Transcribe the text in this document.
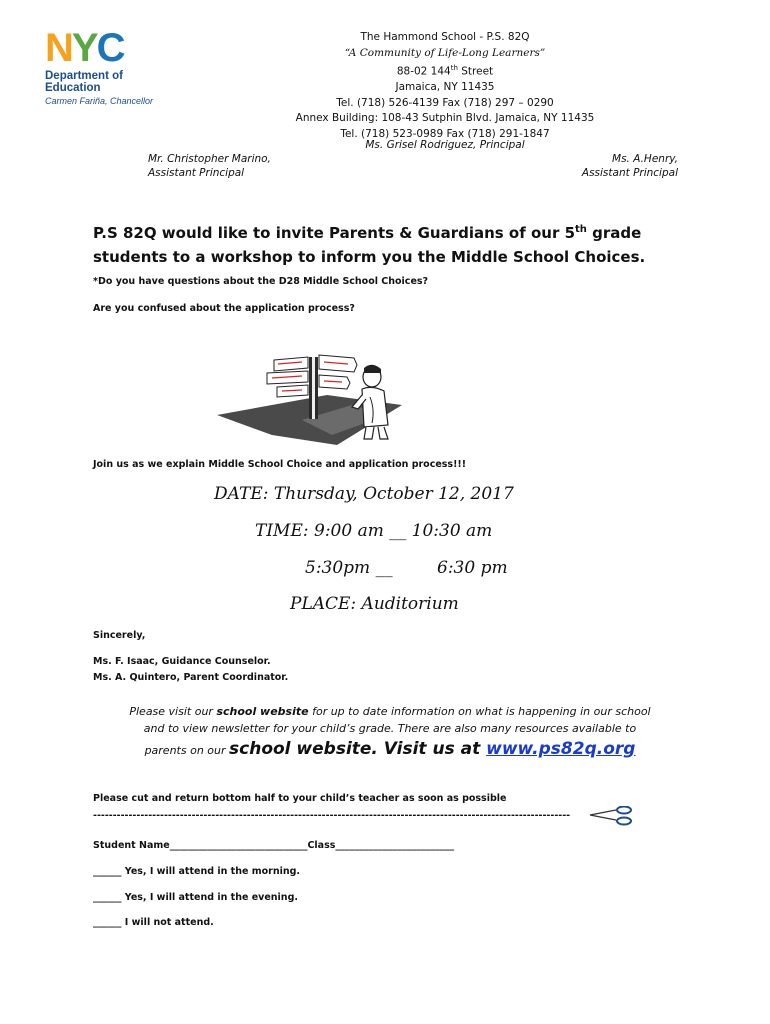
NYC
Department of
Education
Carmen Fariña, Chancellor
The Hammond School - P.S. 82Q
“A Community of Life-Long Learners”
88-02 144th Street
Jamaica, NY 11435
Tel. (718) 526-4139 Fax (718) 297 – 0290
Annex Building: 108-43 Sutphin Blvd. Jamaica, NY 11435
Tel. (718) 523-0989 Fax (718) 291-1847
Ms. Grisel Rodriguez, Principal
Mr. Christopher Marino,
Assistant Principal
Ms. A.Henry,
Assistant Principal
P.S 82Q would like to invite Parents & Guardians of our 5th grade
students to a workshop to inform you the Middle School Choices.
*Do you have questions about the D28 Middle School Choices?
Are you confused about the application process?
Join us as we explain Middle School Choice and application process!!!
DATE: Thursday, October 12, 2017
TIME: 9:00 am __ 10:30 am
5:30pm __	6:30 pm
PLACE: Auditorium
Sincerely,
Ms. F. Isaac, Guidance Counselor.
Ms. A. Quintero, Parent Coordinator.
Please visit our school website for up to date information on what is happening in our school
and to view newsletter for your child’s grade. There are also many resources available to
parents on our school website. Visit us at www.ps82q.org
Please cut and return bottom half to your child’s teacher as soon as possible
-------------------------------------------------------------------------------------------------------------------------
Student Name_____________________________Class_________________________
______ Yes, I will attend in the morning.
______ Yes, I will attend in the evening.
______ I will not attend.
